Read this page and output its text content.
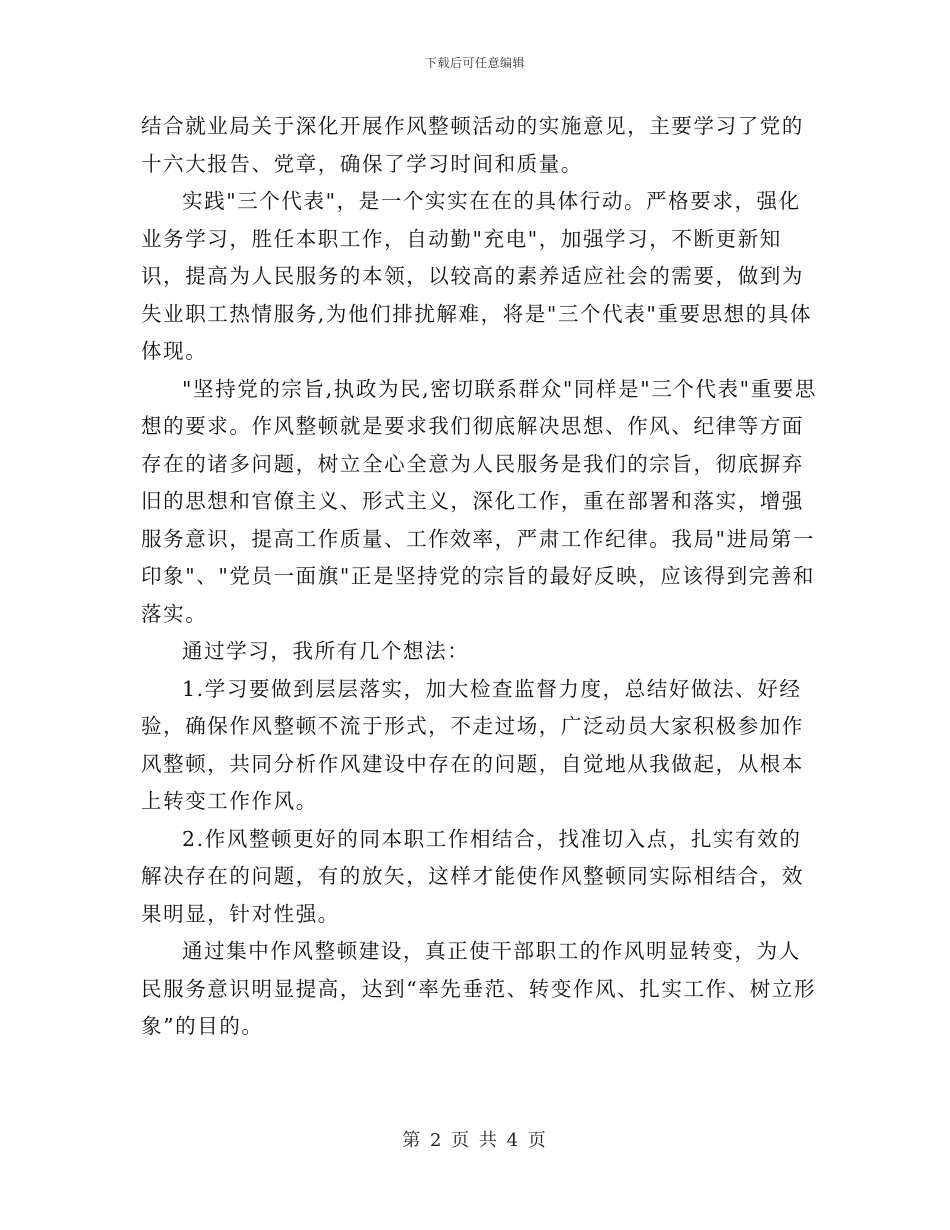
下载后可任意编辑

结合就业局关于深化开展作风整顿活动的实施意见，主要学习了党的十六大报告、党章，确保了学习时间和质量。

实践"三个代表"，是一个实实在在的具体行动。严格要求，强化业务学习，胜任本职工作，自动勤"充电"，加强学习，不断更新知识，提高为人民服务的本领，以较高的素养适应社会的需要，做到为失业职工热情服务,为他们排扰解难，将是"三个代表"重要思想的具体体现。

"坚持党的宗旨,执政为民,密切联系群众"同样是"三个代表"重要思想的要求。作风整顿就是要求我们彻底解决思想、作风、纪律等方面存在的诸多问题，树立全心全意为人民服务是我们的宗旨，彻底摒弃旧的思想和官僚主义、形式主义，深化工作，重在部署和落实，增强服务意识，提高工作质量、工作效率，严肃工作纪律。我局"进局第一印象"、"党员一面旗"正是坚持党的宗旨的最好反映，应该得到完善和落实。

通过学习，我所有几个想法：

1.学习要做到层层落实，加大检查监督力度，总结好做法、好经验，确保作风整顿不流于形式，不走过场，广泛动员大家积极参加作风整顿，共同分析作风建设中存在的问题，自觉地从我做起，从根本上转变工作作风。

2.作风整顿更好的同本职工作相结合，找准切入点，扎实有效的解决存在的问题，有的放矢，这样才能使作风整顿同实际相结合，效果明显，针对性强。

通过集中作风整顿建设，真正使干部职工的作风明显转变，为人民服务意识明显提高，达到“率先垂范、转变作风、扎实工作、树立形象”的目的。

第 2 页 共 4 页
